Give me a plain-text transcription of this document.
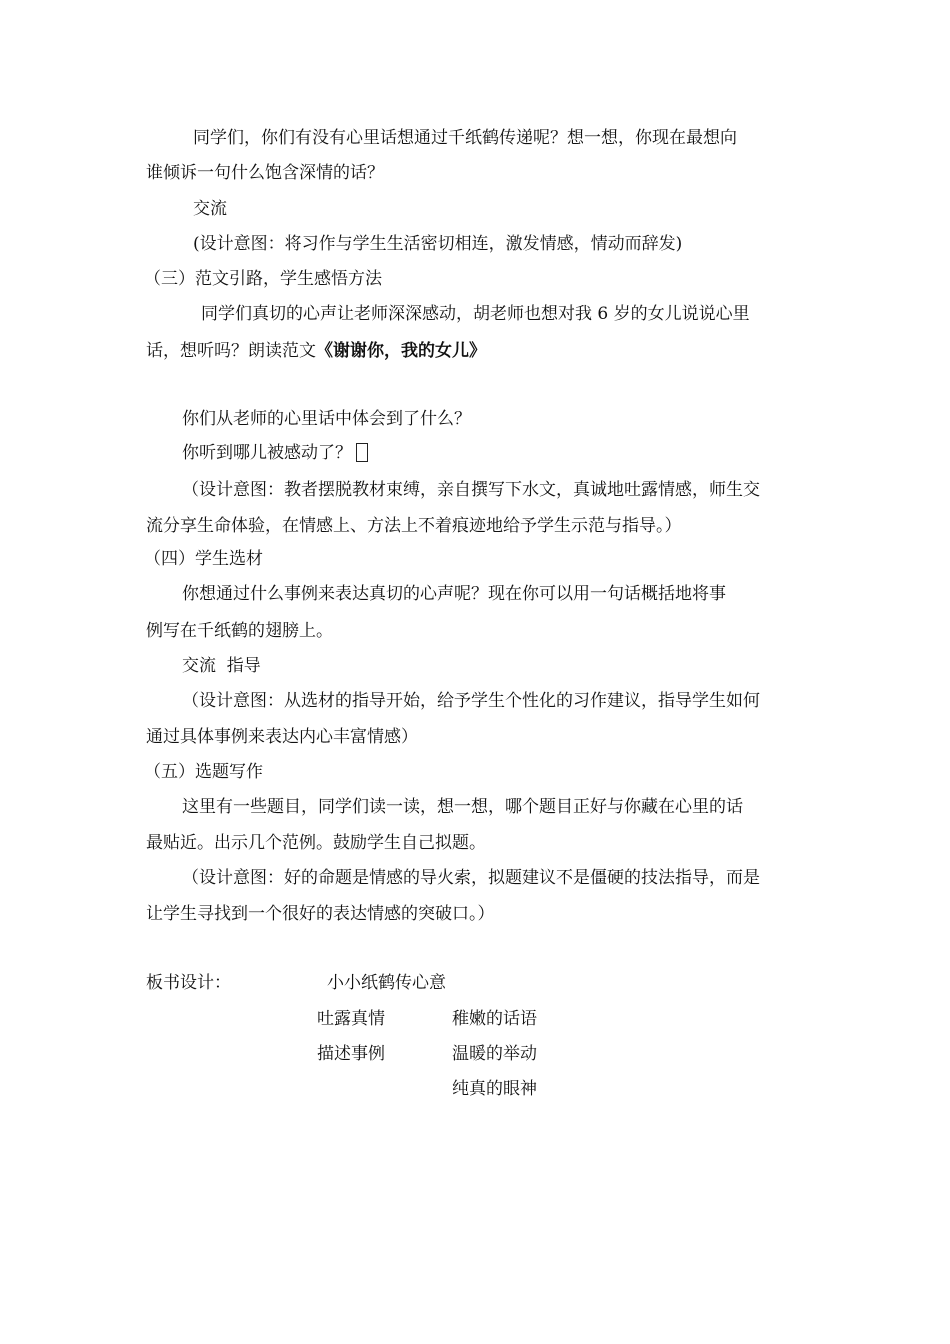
同学们，你们有没有心里话想通过千纸鹤传递呢？想一想，你现在最想向
谁倾诉一句什么饱含深情的话？
交流
(设计意图：将习作与学生生活密切相连，激发情感，情动而辞发)
（三）范文引路，学生感悟方法
同学们真切的心声让老师深深感动，胡老师也想对我 6 岁的女儿说说心里
话，想听吗？朗读范文《谢谢你，我的女儿》
你们从老师的心里话中体会到了什么？
你听到哪儿被感动了？
（设计意图：教者摆脱教材束缚，亲自撰写下水文，真诚地吐露情感，师生交
流分享生命体验，在情感上、方法上不着痕迹地给予学生示范与指导。）
（四）学生选材
你想通过什么事例来表达真切的心声呢？现在你可以用一句话概括地将事
例写在千纸鹤的翅膀上。
交流  指导
（设计意图：从选材的指导开始，给予学生个性化的习作建议，指导学生如何
通过具体事例来表达内心丰富情感）
（五）选题写作
这里有一些题目，同学们读一读，想一想，哪个题目正好与你藏在心里的话
最贴近。出示几个范例。鼓励学生自己拟题。
（设计意图：好的命题是情感的导火索，拟题建议不是僵硬的技法指导，而是
让学生寻找到一个很好的表达情感的突破口。）
板书设计：	小小纸鹤传心意
吐露真情
描述事例
稚嫩的话语
温暖的举动
纯真的眼神
